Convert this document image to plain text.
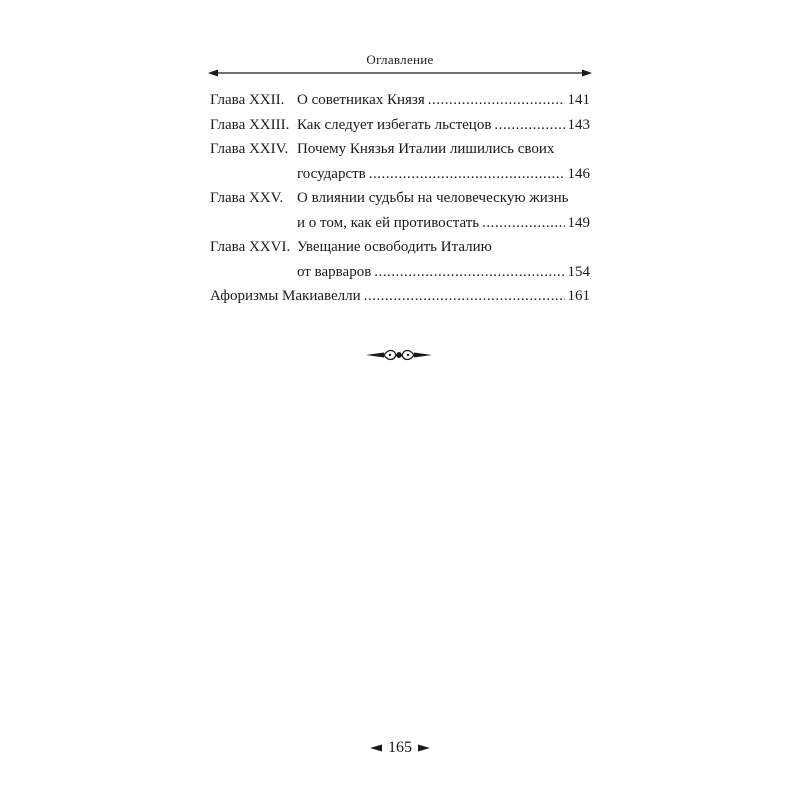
Оглавление
Глава XXII. О советниках Князя .....	141
Глава XXIII. Как следует избегать льстецов .....	143
Глава XXIV. Почему Князья Италии лишились своих
государств .....	146
Глава XXV. О влиянии судьбы на человеческую жизнь
и о том, как ей противостать .....	149
Глава XXVI. Увещание освободить Италию
от варваров .....	154
Афоризмы Макиавелли .....	161
165
